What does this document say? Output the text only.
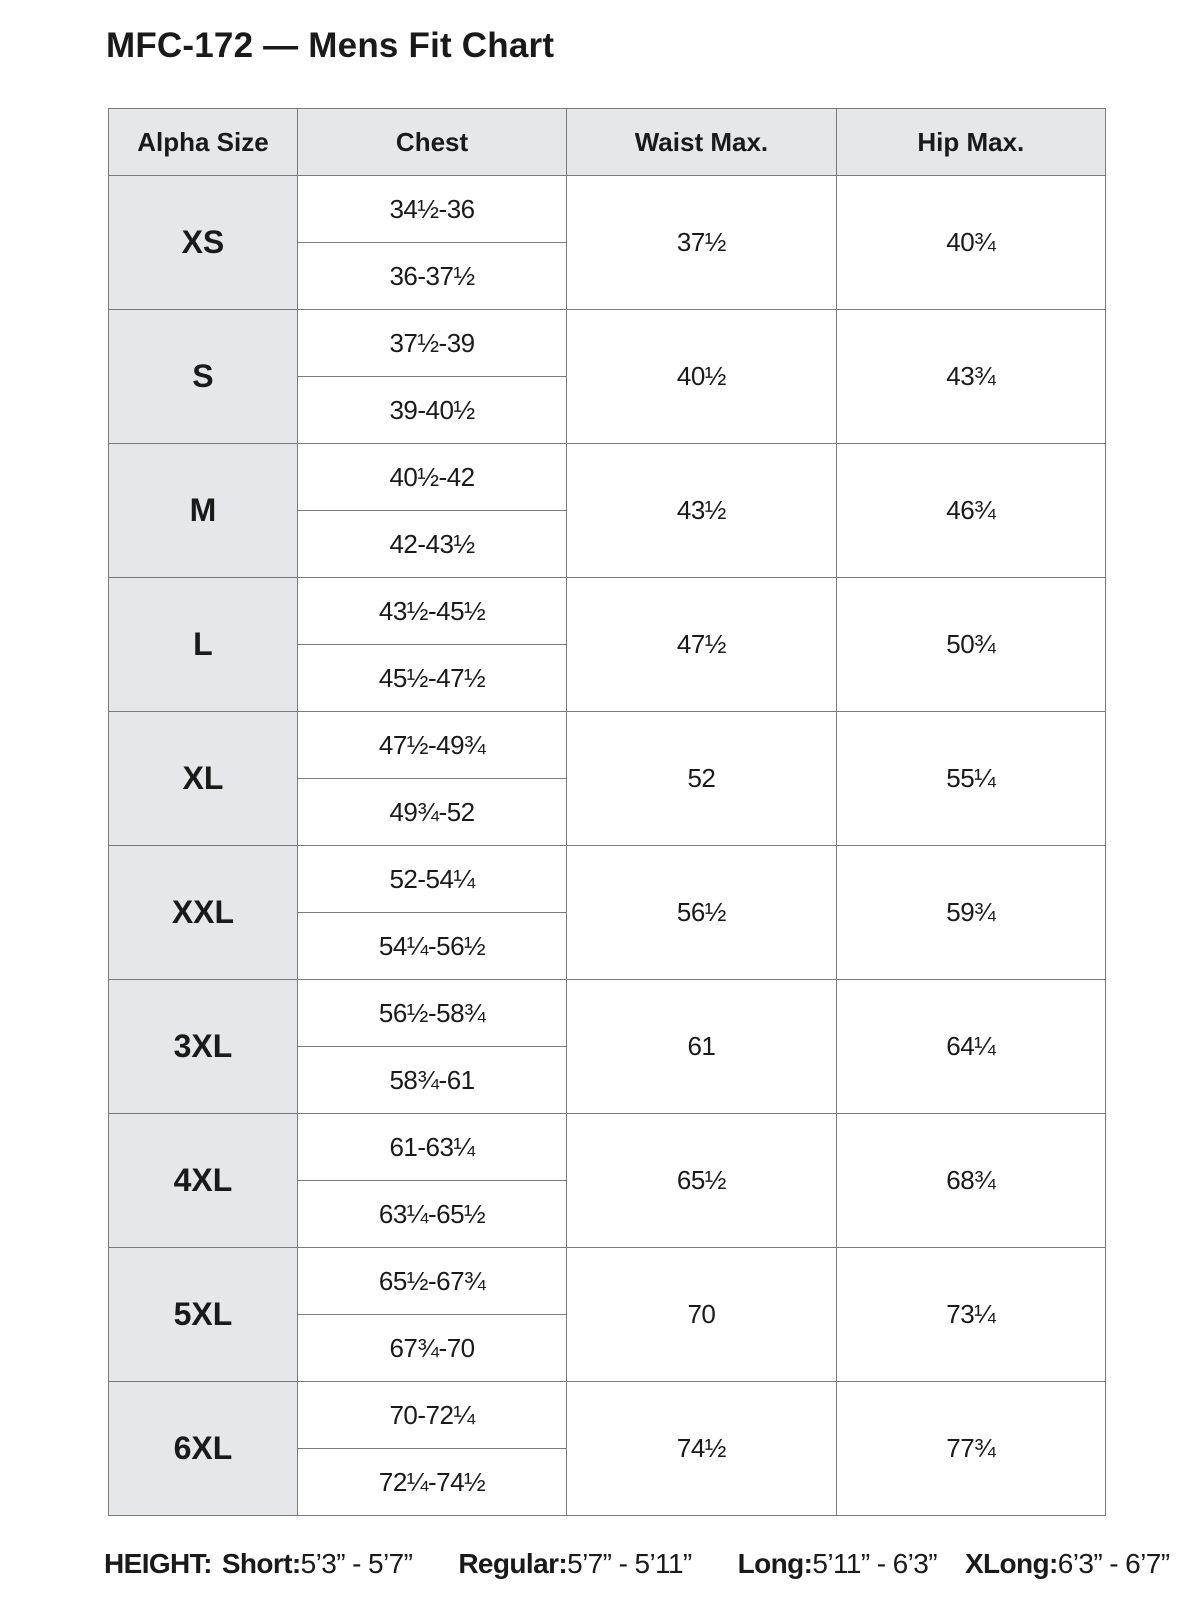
MFC-172 — Mens Fit Chart
Alpha Size	Chest	Waist Max.	Hip Max.
XS	34½-36	37½	40¾
	36-37½		
S	37½-39	40½	43¾
	39-40½		
M	40½-42	43½	46¾
	42-43½		
L	43½-45½	47½	50¾
	45½-47½		
XL	47½-49¾	52	55¼
	49¾-52		
XXL	52-54¼	56½	59¾
	54¼-56½		
3XL	56½-58¾	61	64¼
	58¾-61		
4XL	61-63¼	65½	68¾
	63¼-65½		
5XL	65½-67¾	70	73¼
	67¾-70		
6XL	70-72¼	74½	77¾
	72¼-74½		
HEIGHT: Short:5’3” - 5’7” Regular:5’7” - 5’11” Long:5’11” - 6’3” XLong:6’3” - 6’7”
